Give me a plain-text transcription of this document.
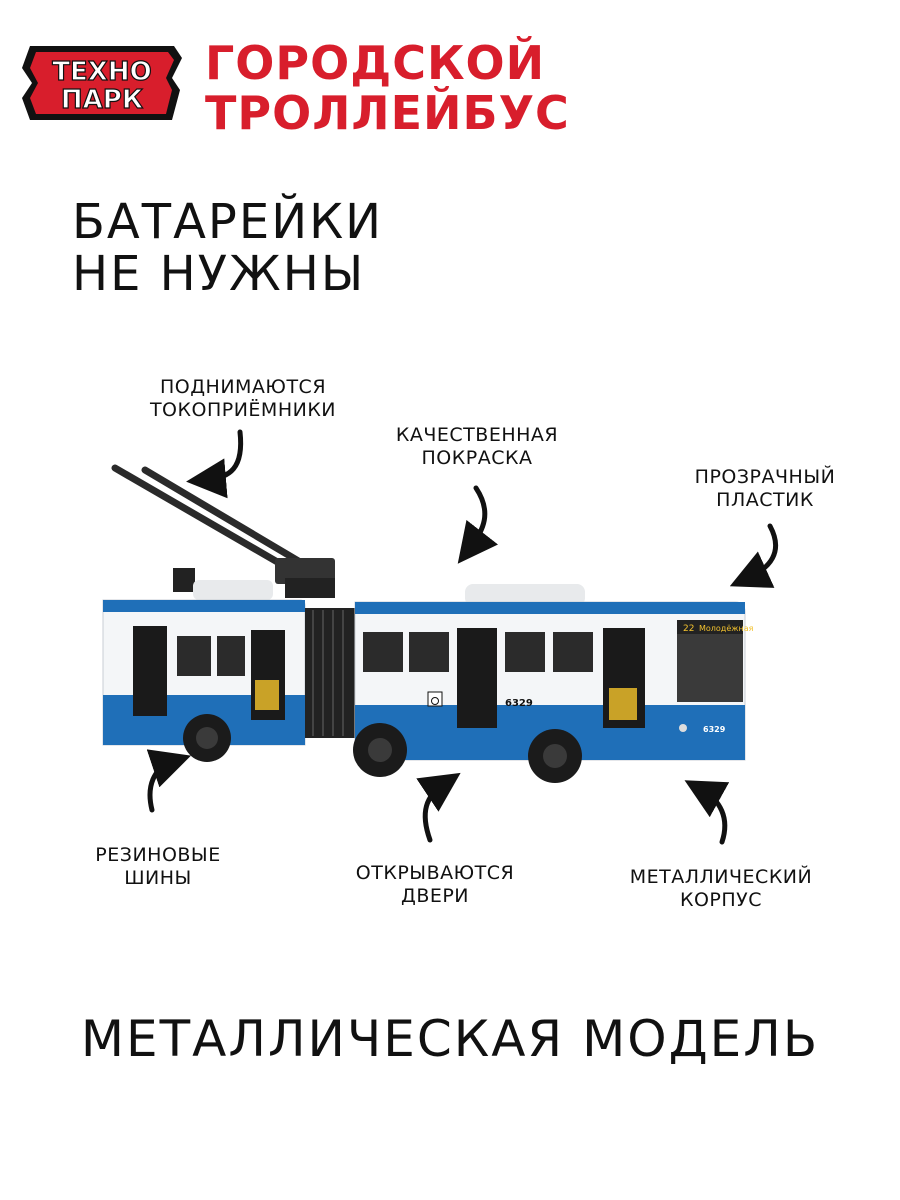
ТЕХНО
ПАРК
ГОРОДСКОЙ
ТРОЛЛЕЙБУС
БАТАРЕЙКИ
НЕ НУЖНЫ
ПОДНИМАЮТСЯ
ТОКОПРИЁМНИКИ
КАЧЕСТВЕННАЯ
ПОКРАСКА
ПРОЗРАЧНЫЙ
ПЛАСТИК
РЕЗИНОВЫЕ
ШИНЫ	ОТКРЫВАЮТСЯ
ДВЕРИ
МЕТАЛЛИЧЕСКИЙ
КОРПУС
22 Молодёжная
6329
6329
МЕТАЛЛИЧЕСКАЯ МОДЕЛЬ
